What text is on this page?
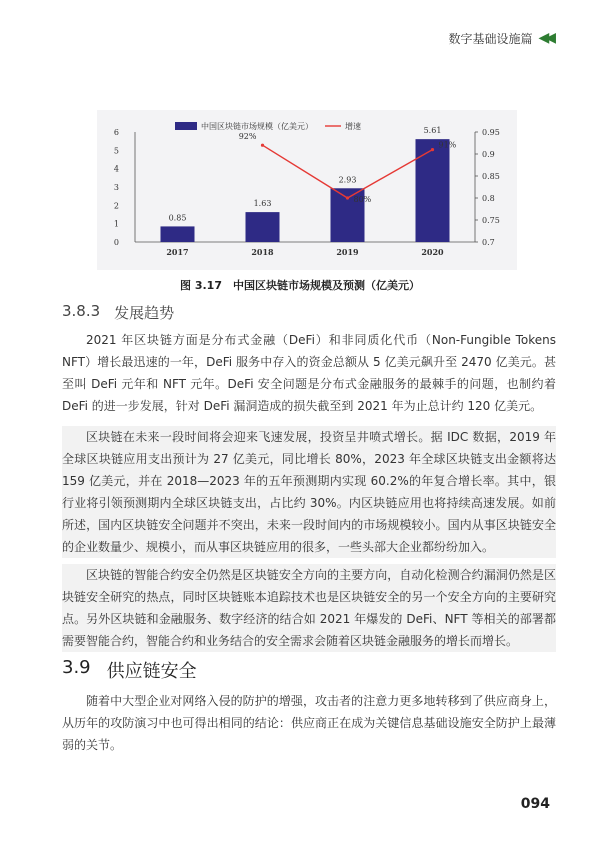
数字基础设施篇 ◀◀
0
1
2
3
4
5
6
0.7
0.75
0.8
0.85
0.9
0.95
0.85
1.63
2.93
5.61
2017	2018	2019	2020
92%
80%
91%
中国区块链市场规模（亿美元）	增速
图 3.17　中国区块链市场规模及预测（亿美元）
3.8.3 发展趋势
2021 年区块链方面是分布式金融（DeFi）和非同质化代币（Non-Fungible Tokens NFT）增长最迅速的一年，DeFi 服务中存入的资金总额从 5 亿美元飙升至 2470 亿美元。甚至叫 DeFi 元年和 NFT 元年。DeFi 安全问题是分布式金融服务的最棘手的问题，也制约着 DeFi 的进一步发展，针对 DeFi 漏洞造成的损失截至到 2021 年为止总计约 120 亿美元。
区块链在未来一段时间将会迎来飞速发展，投资呈井喷式增长。据 IDC 数据，2019 年全球区块链应用支出预计为 27 亿美元，同比增长 80%，2023 年全球区块链支出金额将达 159 亿美元，并在 2018—2023 年的五年预测期内实现 60.2%的年复合增长率。其中，银行业将引领预测期内全球区块链支出，占比约 30%。内区块链应用也将持续高速发展。如前所述，国内区块链安全问题并不突出，未来一段时间内的市场规模较小。国内从事区块链安全的企业数量少、规模小，而从事区块链应用的很多，一些头部大企业都纷纷加入。
区块链的智能合约安全仍然是区块链安全方向的主要方向，自动化检测合约漏洞仍然是区块链安全研究的热点，同时区块链账本追踪技术也是区块链安全的另一个安全方向的主要研究点。另外区块链和金融服务、数字经济的结合如 2021 年爆发的 DeFi、NFT 等相关的部署都需要智能合约，智能合约和业务结合的安全需求会随着区块链金融服务的增长而增长。
3.9 供应链安全
随着中大型企业对网络入侵的防护的增强，攻击者的注意力更多地转移到了供应商身上，从历年的攻防演习中也可得出相同的结论：供应商正在成为关键信息基础设施安全防护上最薄弱的关节。
094
